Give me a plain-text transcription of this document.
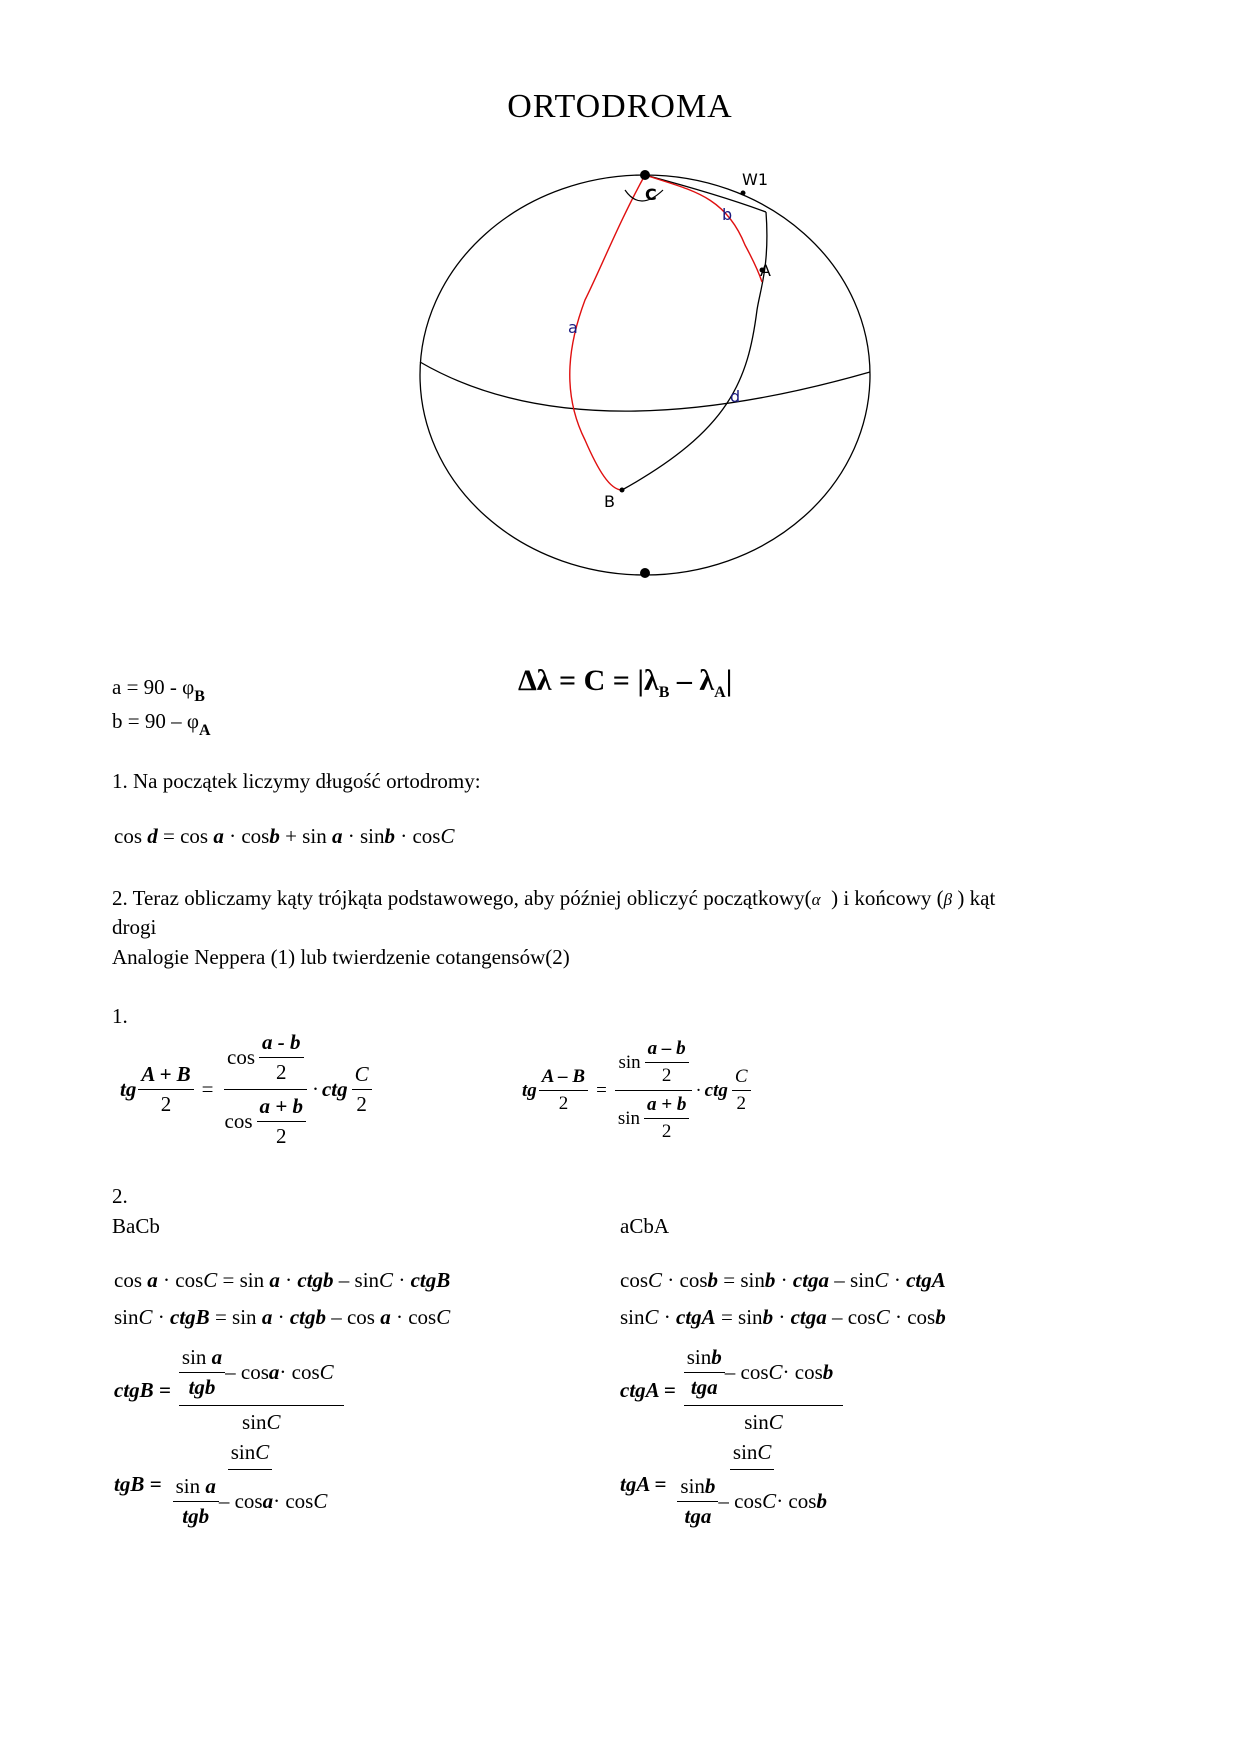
ORTODROMA
W1
C
b
A
a
d
B
$a = 90 - \varphi_B$
$b = 90 - \varphi_A$
$\Delta\lambda = C = |\lambda_B - \lambda_A|$
1. Na początek liczymy długość ortodromy:
cos d = cos a · cosb + sin a · sinb · cosC
2. Teraz obliczamy kąty trójkąta podstawowego, aby później obliczyć początkowy(α ) i końcowy (β ) kąt
drogi
Analogie Neppera (1) lub twierdzenie cotangensów(2)
1.
tg $\frac{A + B}{2} = \frac{\cos \frac{a - b}{2}}{\cos \frac{a + b}{2}}$ · ctg $\frac{C}{2}$	tg $\frac{A - B}{2} = \frac{\sin \frac{a - b}{2}}{\sin \frac{a + b}{2}}$ · ctg $\frac{C}{2}$
2.
BaCb	aCbA
cos a · cosC = sin a · ctgb – sinC · ctgB
sinC · ctgB = sin a · ctgb – cos a · cosC
ctgB = $\frac{\frac{\text{sin a}}{\text{tgb}} - \cos a \cdot \cos C}{\sin C}$
tgB = $\frac{\sin C}{\frac{\text{sin a}}{\text{tgb}} - \cos a \cdot \cos C}$
cosC · cosb = sinb · ctga – sinC · ctgA
sinC · ctgA = sinb · ctga – cosC · cosb
ctgA = $\frac{\frac{\sin b}{\text{tga}} - \cos C \cdot \cos b}{\sin C}$
tgA = $\frac{\sin C}{\frac{\sin b}{\text{tga}} - \cos C \cdot \cos b}$
